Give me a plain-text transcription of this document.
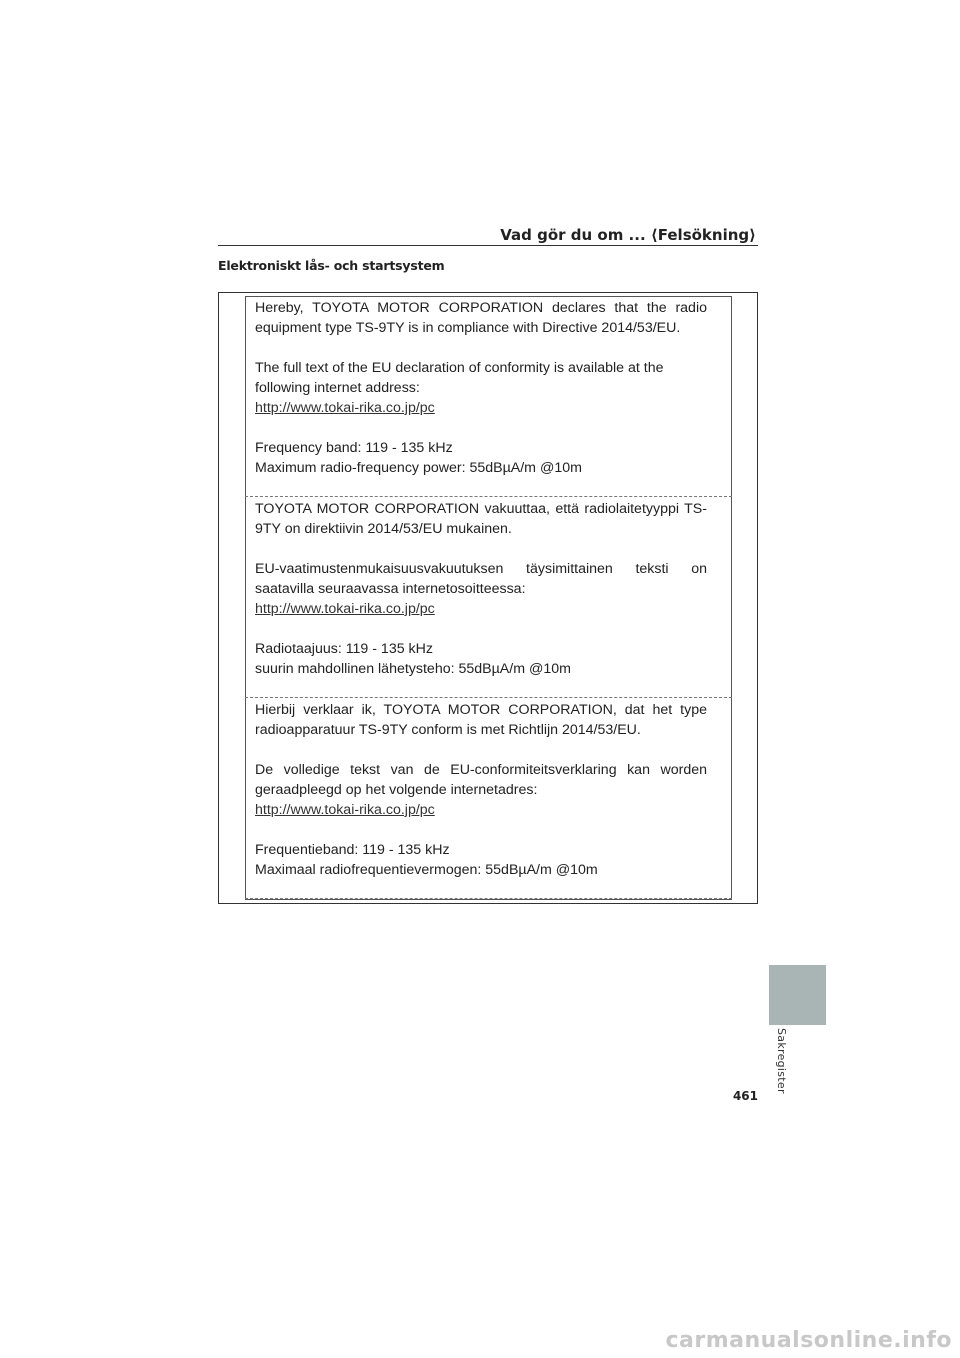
Vad gör du om ... ⟨Felsökning⟩
Elektroniskt lås- och startsystem

Hereby, TOYOTA MOTOR CORPORATION declares that the radio equipment type TS-9TY is in compliance with Directive 2014/53/EU.

The full text of the EU declaration of conformity is available at the following internet address:
http://www.tokai-rika.co.jp/pc

Frequency band: 119 - 135 kHz
Maximum radio-frequency power: 55dBµA/m @10m

TOYOTA MOTOR CORPORATION vakuuttaa, että radiolaitetyyppi TS-9TY on direktiivin 2014/53/EU mukainen.

EU-vaatimustenmukaisuusvakuutuksen täysimittainen teksti on saatavilla seuraavassa internetosoitteessa:
http://www.tokai-rika.co.jp/pc

Radiotaajuus: 119 - 135 kHz
suurin mahdollinen lähetysteho: 55dBµA/m @10m

Hierbij verklaar ik, TOYOTA MOTOR CORPORATION, dat het type radioapparatuur TS-9TY conform is met Richtlijn 2014/53/EU.

De volledige tekst van de EU-conformiteitsverklaring kan worden geraadpleegd op het volgende internetadres:
http://www.tokai-rika.co.jp/pc

Frequentieband: 119 - 135 kHz
Maximaal radiofrequentievermogen: 55dBµA/m @10m

Sakregister
461
carmanualsonline.info
